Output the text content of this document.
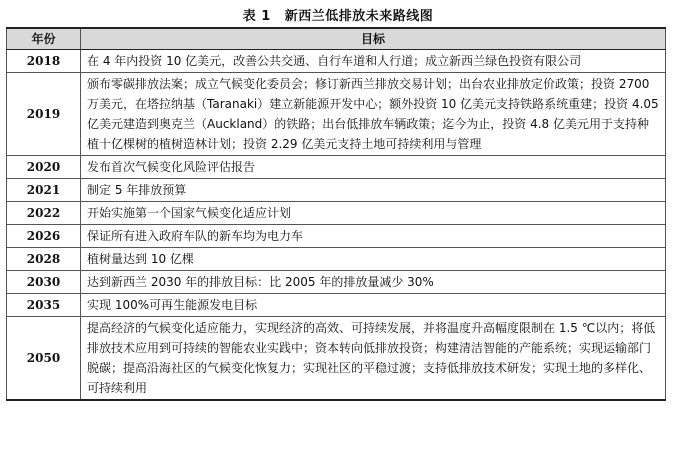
表 1 新西兰低排放未来路线图
年份	目标
2018	在 4 年内投资 10 亿美元，改善公共交通、自行车道和人行道；成立新西兰绿色投资有限公司
2019	颁布零碳排放法案；成立气候变化委员会；修订新西兰排放交易计划；出台农业排放定价政策；投资 2700 万美元，在塔拉纳基（Taranaki）建立新能源开发中心；额外投资 10 亿美元支持铁路系统重建；投资 4.05 亿美元建造到奥克兰（Auckland）的铁路；出台低排放车辆政策；迄今为止，投资 4.8 亿美元用于支持种植十亿棵树的植树造林计划；投资 2.29 亿美元支持土地可持续利用与管理
2020	发布首次气候变化风险评估报告
2021	制定 5 年排放预算
2022	开始实施第一个国家气候变化适应计划
2026	保证所有进入政府车队的新车均为电力车
2028	植树量达到 10 亿棵
2030	达到新西兰 2030 年的排放目标：比 2005 年的排放量减少 30%
2035	实现 100%可再生能源发电目标
2050	提高经济的气候变化适应能力，实现经济的高效、可持续发展，并将温度升高幅度限制在 1.5 ℃以内；将低排放技术应用到可持续的智能农业实践中；资本转向低排放投资；构建清洁智能的产能系统；实现运输部门脱碳；提高沿海社区的气候变化恢复力；实现社区的平稳过渡；支持低排放技术研发；实现土地的多样化、可持续利用
